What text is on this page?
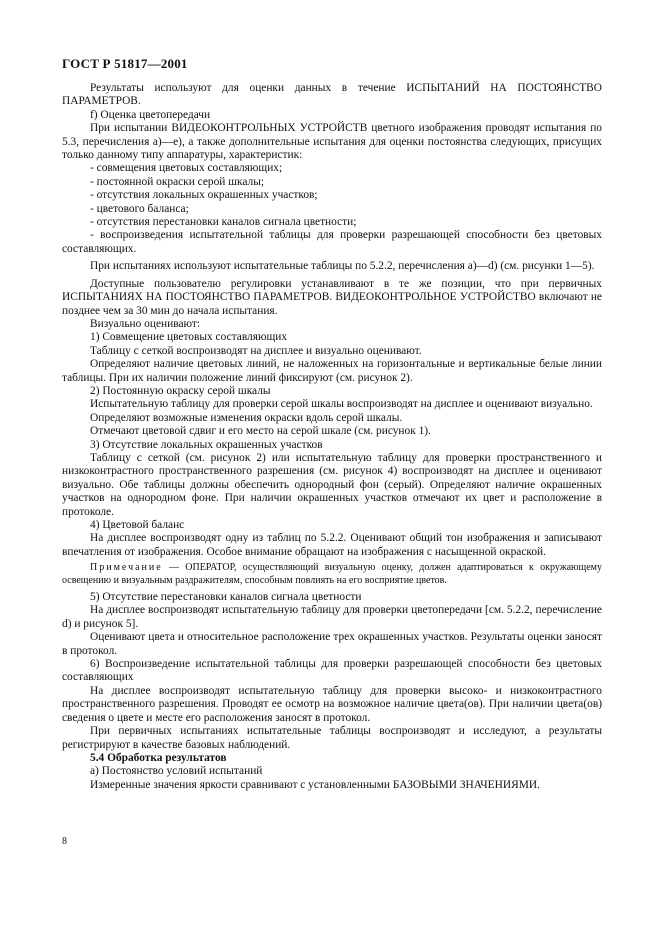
ГОСТ Р 51817—2001

Результаты используют для оценки данных в течение ИСПЫТАНИЙ НА ПОСТОЯНСТВО ПАРАМЕТРОВ.

f) Оценка цветопередачи

При испытании ВИДЕОКОНТРОЛЬНЫХ УСТРОЙСТВ цветного изображения проводят испытания по 5.3, перечисления а)—е), а также дополнительные испытания для оценки постоянства следующих, присущих только данному типу аппаратуры, характеристик:

- совмещения цветовых составляющих;

- постоянной окраски серой шкалы;

- отсутствия локальных окрашенных участков;

- цветового баланса;

- отсутствия перестановки каналов сигнала цветности;

- воспроизведения испытательной таблицы для проверки разрешающей способности без цветовых составляющих.

При испытаниях используют испытательные таблицы по 5.2.2, перечисления а)—d) (см. рисунки 1—5).

Доступные пользователю регулировки устанавливают в те же позиции, что при первичных ИСПЫТАНИЯХ НА ПОСТОЯНСТВО ПАРАМЕТРОВ. ВИДЕОКОНТРОЛЬНОЕ УСТРОЙСТВО включают не позднее чем за 30 мин до начала испытания.

Визуально оценивают:

1) Совмещение цветовых составляющих

Таблицу с сеткой воспроизводят на дисплее и визуально оценивают.

Определяют наличие цветовых линий, не наложенных на горизонтальные и вертикальные белые линии таблицы. При их наличии положение линий фиксируют (см. рисунок 2).

2) Постоянную окраску серой шкалы

Испытательную таблицу для проверки серой шкалы воспроизводят на дисплее и оценивают визуально.

Определяют возможные изменения окраски вдоль серой шкалы.

Отмечают цветовой сдвиг и его место на серой шкале (см. рисунок 1).

3) Отсутствие локальных окрашенных участков

Таблицу с сеткой (см. рисунок 2) или испытательную таблицу для проверки пространственного и низкоконтрастного пространственного разрешения (см. рисунок 4) воспроизводят на дисплее и оценивают визуально. Обе таблицы должны обеспечить однородный фон (серый). Определяют наличие окрашенных участков на однородном фоне. При наличии окрашенных участков отмечают их цвет и расположение в протоколе.

4) Цветовой баланс

На дисплее воспроизводят одну из таблиц по 5.2.2. Оценивают общий тон изображения и записывают впечатления от изображения. Особое внимание обращают на изображения с насыщенной окраской.

Примечание — ОПЕРАТОР, осуществляющий визуальную оценку, должен адаптироваться к окружающему освещению и визуальным раздражителям, способным повлиять на его восприятие цветов.

5) Отсутствие перестановки каналов сигнала цветности

На дисплее воспроизводят испытательную таблицу для проверки цветопередачи [см. 5.2.2, перечисление d) и рисунок 5].

Оценивают цвета и относительное расположение трех окрашенных участков. Результаты оценки заносят в протокол.

6) Воспроизведение испытательной таблицы для проверки разрешающей способности без цветовых составляющих

На дисплее воспроизводят испытательную таблицу для проверки высоко- и низкоконтрастного пространственного разрешения. Проводят ее осмотр на возможное наличие цвета(ов). При наличии цвета(ов) сведения о цвете и месте его расположения заносят в протокол.

При первичных испытаниях испытательные таблицы воспроизводят и исследуют, а результаты регистрируют в качестве базовых наблюдений.

5.4 Обработка результатов

а) Постоянство условий испытаний

Измеренные значения яркости сравнивают с установленными БАЗОВЫМИ ЗНАЧЕНИЯМИ.

8
